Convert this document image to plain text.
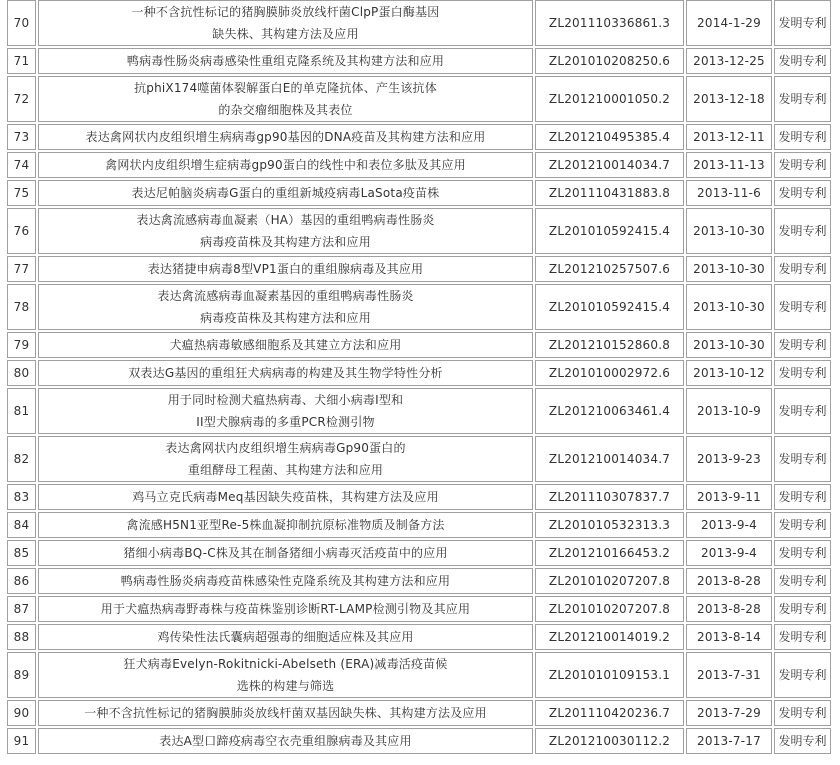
70	一种不含抗性标记的猪胸膜肺炎放线杆菌ClpP蛋白酶基因
缺失株、其构建方法及应用	ZL201110336861.3	2014-1-29	发明专利
71	鸭病毒性肠炎病毒感染性重组克隆系统及其构建方法和应用	ZL201010208250.6	2013-12-25	发明专利
72	抗phiX174噬菌体裂解蛋白E的单克隆抗体、产生该抗体
的杂交瘤细胞株及其表位	ZL201210001050.2	2013-12-18	发明专利
73	表达禽网状内皮组织增生病病毒gp90基因的DNA疫苗及其构建方法和应用	ZL201210495385.4	2013-12-11	发明专利
74	禽网状内皮组织增生症病毒gp90蛋白的线性中和表位多肽及其应用	ZL201210014034.7	2013-11-13	发明专利
75	表达尼帕脑炎病毒G蛋白的重组新城疫病毒LaSota疫苗株	ZL201110431883.8	2013-11-6	发明专利
76	表达禽流感病毒血凝素（HA）基因的重组鸭病毒性肠炎
病毒疫苗株及其构建方法和应用	ZL201010592415.4	2013-10-30	发明专利
77	表达猪捷申病毒8型VP1蛋白的重组腺病毒及其应用	ZL201210257507.6	2013-10-30	发明专利
78	表达禽流感病毒血凝素基因的重组鸭病毒性肠炎
病毒疫苗株及其构建方法和应用	ZL201010592415.4	2013-10-30	发明专利
79	犬瘟热病毒敏感细胞系及其建立方法和应用	ZL201210152860.8	2013-10-30	发明专利
80	双表达G基因的重组狂犬病病毒的构建及其生物学特性分析	ZL201010002972.6	2013-10-12	发明专利
81	用于同时检测犬瘟热病毒、犬细小病毒I型和
II型犬腺病毒的多重PCR检测引物	ZL201210063461.4	2013-10-9	发明专利
82	表达禽网状内皮组织增生病病毒Gp90蛋白的
重组酵母工程菌、其构建方法和应用	ZL201210014034.7	2013-9-23	发明专利
83	鸡马立克氏病毒Meq基因缺失疫苗株，其构建方法及应用	ZL201110307837.7	2013-9-11	发明专利
84	禽流感H5N1亚型Re-5株血凝抑制抗原标准物质及制备方法	ZL201010532313.3	2013-9-4	发明专利
85	猪细小病毒BQ-C株及其在制备猪细小病毒灭活疫苗中的应用	ZL201210166453.2	2013-9-4	发明专利
86	鸭病毒性肠炎病毒疫苗株感染性克隆系统及其构建方法和应用	ZL201010207207.8	2013-8-28	发明专利
87	用于犬瘟热病毒野毒株与疫苗株鉴别诊断RT-LAMP检测引物及其应用	ZL201010207207.8	2013-8-28	发明专利
88	鸡传染性法氏囊病超强毒的细胞适应株及其应用	ZL201210014019.2	2013-8-14	发明专利
89	狂犬病毒Evelyn-Rokitnicki-Abelseth (ERA)减毒活疫苗候
选株的构建与筛选	ZL201010109153.1	2013-7-31	发明专利
90	一种不含抗性标记的猪胸膜肺炎放线杆菌双基因缺失株、其构建方法及应用	ZL201110420236.7	2013-7-29	发明专利
91	表达A型口蹄疫病毒空衣壳重组腺病毒及其应用	ZL201210030112.2	2013-7-17	发明专利
